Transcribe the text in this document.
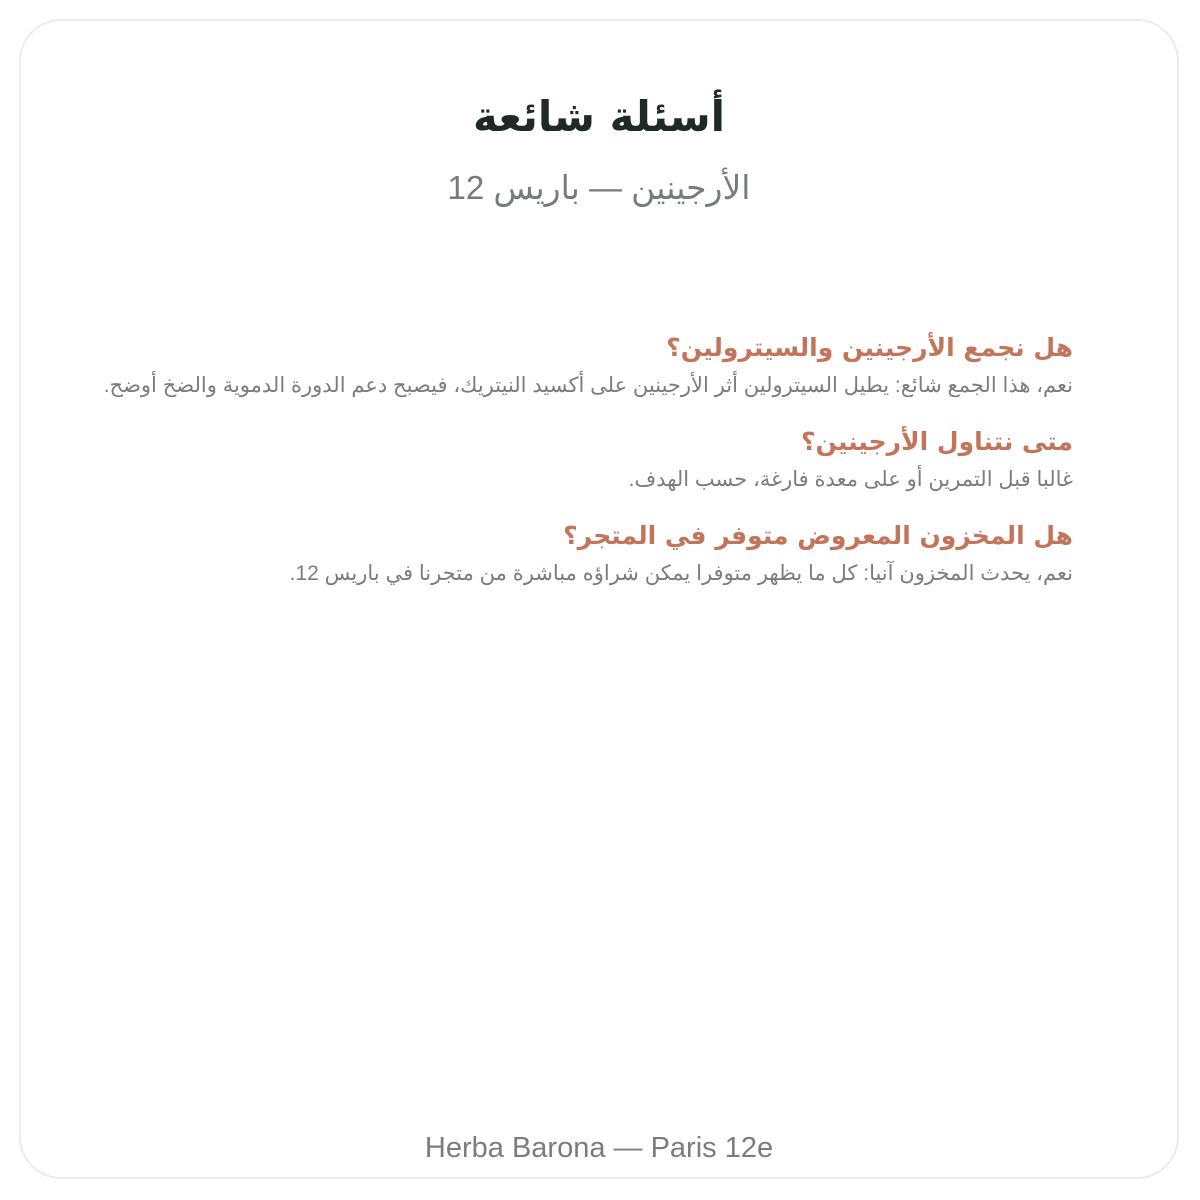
أسئلة شائعة
الأرجينين — باريس 12
هل نجمع الأرجينين والسيترولين؟

نعم، هذا الجمع شائع: يطيل السيترولين أثر الأرجينين على أكسيد النيتريك، فيصبح دعم الدورة الدموية والضخ أوضح.

متى نتناول الأرجينين؟

غالبا قبل التمرين أو على معدة فارغة، حسب الهدف.

هل المخزون المعروض متوفر في المتجر؟

نعم، يحدث المخزون آنيا: كل ما يظهر متوفرا يمكن شراؤه مباشرة من متجرنا في باريس 12.

Herba Barona — Paris 12e
